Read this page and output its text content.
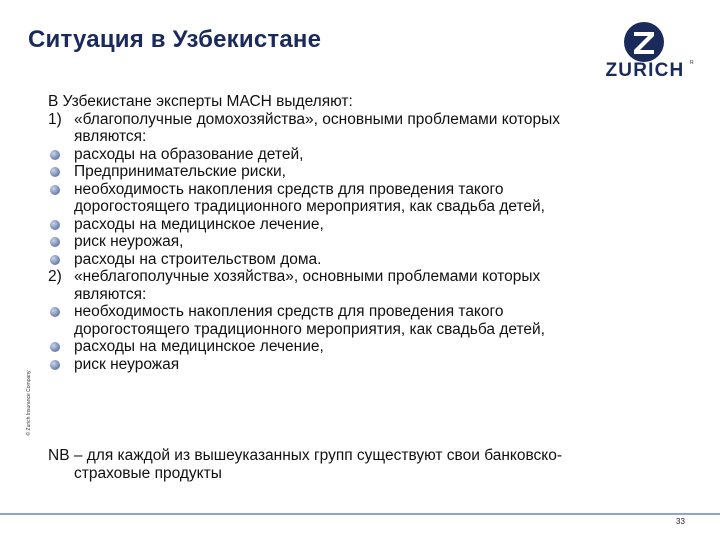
Ситуация в Узбекистане
R
ZURICH
© Zurich Insurance Company
В Узбекистане эксперты МАСН выделяют:
1) «благополучные домохозяйства», основными проблемами которых
являются:
расходы на образование детей,
Предпринимательские риски,
необходимость накопления средств для проведения такого
дорогостоящего традиционного мероприятия, как свадьба детей,
расходы на медицинское лечение,
риск неурожая,
расходы на строительством дома.
2) «неблагополучные хозяйства», основными проблемами которых
являются:
необходимость накопления средств для проведения такого
дорогостоящего традиционного мероприятия, как свадьба детей,
расходы на медицинское лечение,
риск неурожая
NB – для каждой из вышеуказанных групп существуют свои банковско-
страховые продукты
33
